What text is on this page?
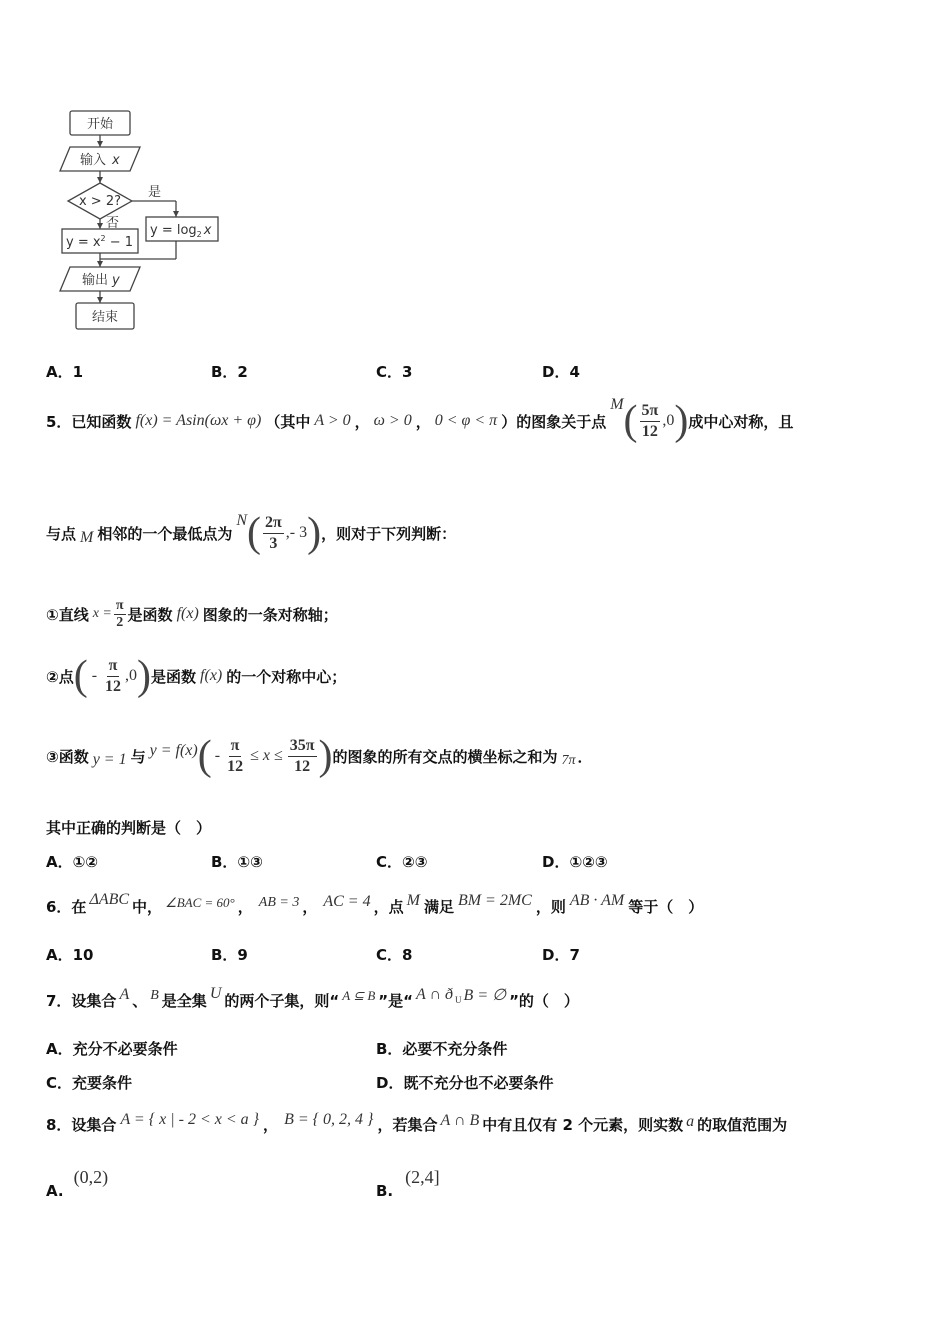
开始
输入 x
x > 2?
是
否 $y = \log_2 x$
$y = x^2 - 1$
输出 y
结束
A．1	B．2	C．3	D．4
5．已知函数 f(x) = Asin(ωx + φ) （其中 A > 0 ， ω > 0 ， 0 < φ < π ）的图象关于点
M ( $\frac{5\pi}{12} ,0$ ) 成中心对称，且
与点 M 相邻的一个最低点为
N ( $\frac{2\pi}{3}$ ,- 3 ) ，则对于下列判断：
①直线 $x = \frac{\pi}{2}$ 是函数 f(x) 图象的一条对称轴；
②点 ( - $\frac{\pi}{12} ,0$ ) 是函数 f(x) 的一个对称中心；
③函数 y = 1 与 y = f(x) ( - $\frac{\pi}{12} \le x \le \frac{35\pi}{12}$ ) 的图象的所有交点的横坐标之和为 7π ．
其中正确的判断是（　）
A．①②	B．①③	C．②③	D．①②③
6．在 ΔABC 中， ∠BAC = 60° ， AB = 3 ， AC = 4 ，点 M 满足 BM = 2MC ，则 AB · AM 等于（　）
A．10	B．9	C．8	D．7
7．设集合 A 、 B 是全集 U 的两个子集，则“ A ⊆ B ”是“ A ∩ ð U B = ∅ ”的（　）
A．充分不必要条件	B．必要不充分条件
C．充要条件	D．既不充分也不必要条件
8．设集合 A = { x | - 2 < x < a } ， B = { 0, 2, 4 } ，若集合 A ∩ B 中有且仅有 2 个元素，则实数 a 的取值范围为
A.
(0,2)
B.
(2,4]
